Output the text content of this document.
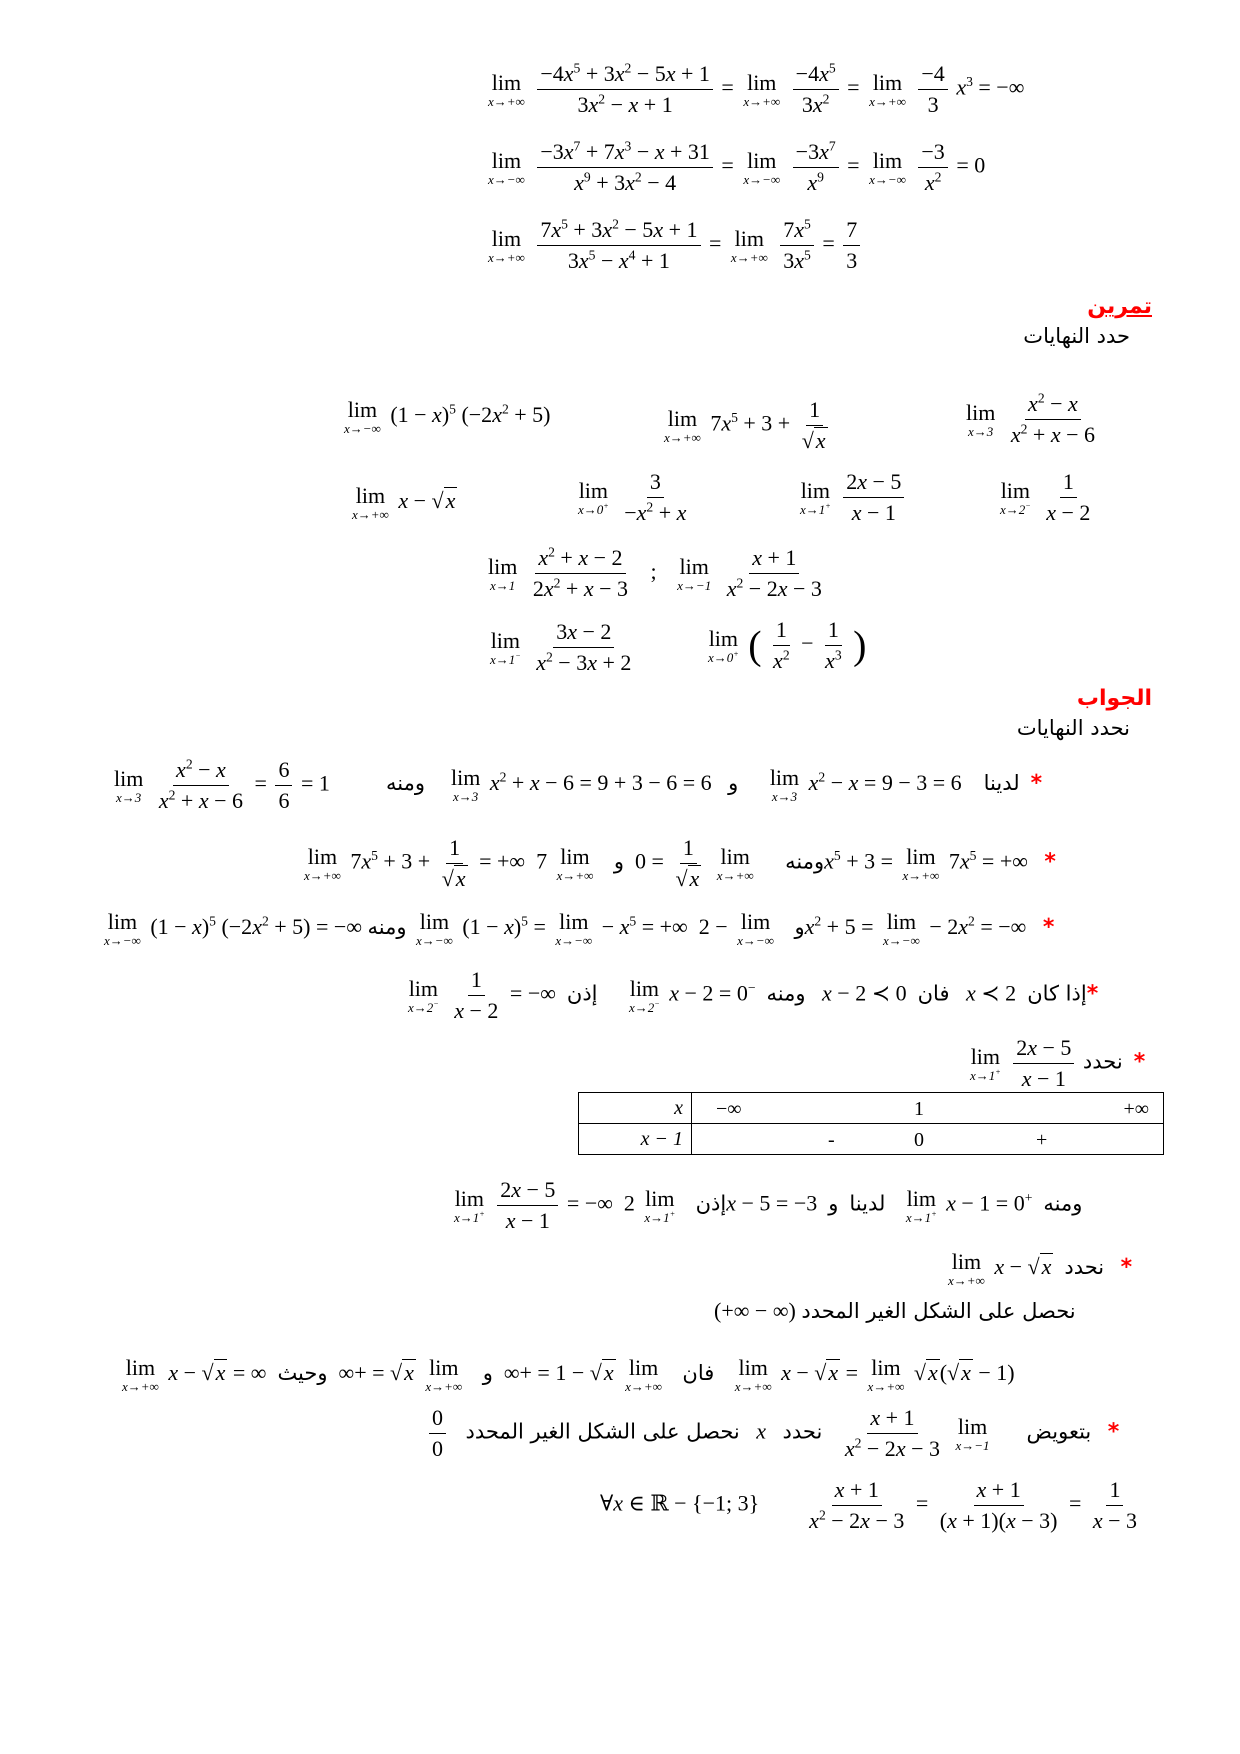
lim
x→+∞
$\frac{-4x^5 + 3x^2 - 5x + 1}{3x^2 - x + 1} = \lim$
x→+∞
$\frac{-4x^5}{3x^2} = \lim$
x→+∞
$\frac{-4}{3} x^3$ = −∞
lim
x→−∞
$\frac{-3x^7 + 7x^3 - x + 31}{x^9 + 3x^2 - 4} = \lim$
x→−∞
$\frac{-3x^7}{x^9} = \lim$
x→−∞
$\frac{-3}{x^2} = 0$
lim
x→+∞
$\frac{7x^5 + 3x^2 - 5x + 1}{3x^5 - x^4 + 1} = \lim$
x→+∞
$\frac{7x^5}{3x^5} = \frac{7}{3}$
تمرين
حدد النهايات
lim
x→−∞
$(1 - x)^5$ $(-2x^2 + 5)$	lim
x→+∞
$7x^5 + 3 + \frac{1}{√x}$	lim
x→3
$\frac{x^2 - x}{x^2 + x - 6}$
lim
x→+∞
x − √x	lim
x→0+
$\frac{3}{-x^2 + x}$	lim
x→1+
$\frac{2x - 5}{x - 1}$	lim
x→2−
$\frac{1}{x - 2}$
lim
x→1
$\frac{x^2 + x - 2}{2x^2 + x - 3}$ ; lim
x→−1
$\frac{x + 1}{x^2 - 2x - 3}$
lim
x→1−
$\frac{3x - 2}{x^2 - 3x + 2}$	lim
x→0+ ( $\frac{1}{x^2} - \frac{1}{x^3}$ )
الجواب
نحدد النهايات
lim
x→3
$\frac{x^2 - x}{x^2 + x - 6} = \frac{6}{6} = 1$	ومنه lim
x→3
$x^2 + x - 6 = 9 + 3 - 6 = 6$   و lim
x→3
$x^2 - x = 9 - 3 = 6$    لدينا *
lim
x→+∞
$7x^5 + 3 + \frac{1}{√x}$ = +∞	ومنه
lim
x→+∞

$\frac{1}{√x}$
= 0  و
lim
x→+∞
7	$x^5 + 3 = \lim$
x→+∞
$7x^5$ = +∞   *
lim
x→−∞
$(1 - x)^5$ $(-2x^2 + 5)$ = −∞ ومنه lim
x→−∞
$(1 - x)^5 = \lim$
x→−∞
− $x^5$ = +∞	و
lim
x→−∞
− 2	$x^2 + 5 = \lim$
x→−∞
− $2x^2$ = −∞   *
lim
x→2−
$\frac{1}{x - 2}$ = −∞  إذن lim
x→2− x − 2 = 0− ومنه x − 2 ≺ 0  فان x ≺ 2  إذا كان*
lim
x→1+
$\frac{2x - 5}{x - 1}$ نحدد *
x	−∞ 1 +∞

x − 1	- 0 +
lim
x→1+
$\frac{2x - 5}{x - 1}$ = −∞	إذن
lim
x→1+
2	x − 5 = −3  لدينا  و	lim
x→1+ x − 1 = 0+ ومنه
lim
x→+∞
x − √x نحدد *
(+∞ − ∞) نحصل على الشكل الغير المحدد
lim
x→+∞
x − √x = ∞	فان
lim
x→+∞
√x − 1 = +∞  و
lim
x→+∞
√x = +∞  وحيث	lim
x→+∞
x − √x = lim
x→+∞
√x(√x − 1)
$\frac{0}{0}$ نحصل على الشكل الغير المحدد x	بتعويض
lim
x→−1

$\frac{x + 1}{x^2 - 2x - 3}$
نحدد	*
∀x ∈ ℝ − {−1; $3\} \frac{x + 1}{x^2 - 2x - 3} = \frac{x + 1}{(x + 1)(x - 3)} = \frac{1}{x - 3}$
